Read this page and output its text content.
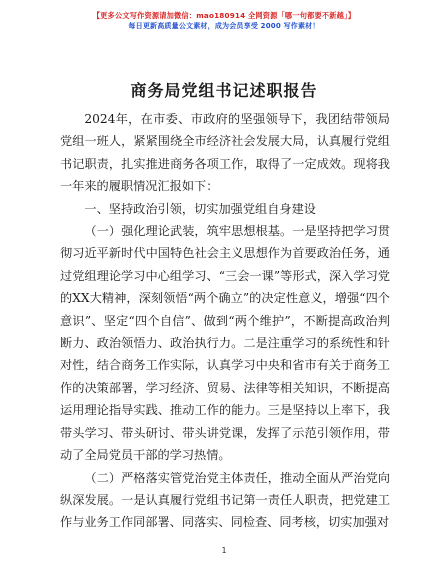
【更多公文写作资源请加微信：mao180914 全网资源「哪一句都要不新越」】
每日更新高质量公文素材，成为会员享受 2000 写作素材！
商务局党组书记述职报告

2024年，在市委、市政府的坚强领导下，我团结带领局党组一班人，紧紧围绕全市经济社会发展大局，认真履行党组书记职责，扎实推进商务各项工作，取得了一定成效。现将我一年来的履职情况汇报如下：

一、坚持政治引领，切实加强党组自身建设

（一）强化理论武装，筑牢思想根基。一是坚持把学习贯彻习近平新时代中国特色社会主义思想作为首要政治任务，通过党组理论学习中心组学习、“三会一课”等形式，深入学习党的XX大精神，深刻领悟“两个确立”的决定性意义，增强“四个意识”、坚定“四个自信”、做到“两个维护”，不断提高政治判断力、政治领悟力、政治执行力。二是注重学习的系统性和针对性，结合商务工作实际，认真学习中央和省市有关于商务工作的决策部署，学习经济、贸易、法律等相关知识，不断提高运用理论指导实践、推动工作的能力。三是坚持以上率下，我带头学习、带头研讨、带头讲党课，发挥了示范引领作用，带动了全局党员干部的学习热情。

（二）严格落实管党治党主体责任，推动全面从严治党向纵深发展。一是认真履行党组书记第一责任人职责，把党建工作与业务工作同部署、同落实、同检查、同考核，切实加强对

1
